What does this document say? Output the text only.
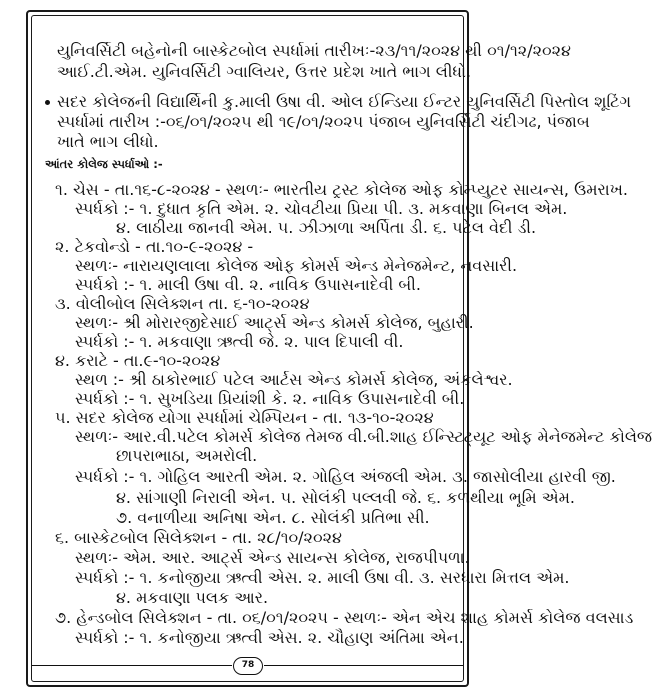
યુનિવર્સિટી બહેનોની બાસ્કેટબોલ સ્પર્ધામાં તારીખઃ-૨૩/૧૧/૨૦૨૪ થી ૦૧/૧૨/૨૦૨૪
આઈ.ટી.એમ. યુનિવર્સિટી ગ્વાલિયર, ઉત્તર પ્રદેશ ખાતે ભાગ લીધો.
સદર કોલેજની વિદ્યાર્થિની કુ.માલી ઉષા વી. ઓલ ઈન્ડિયા ઈન્ટર યુનિવર્સિટી પિસ્તોલ શૂટિંગ
સ્પર્ધામાં તારીખ :-૦૬/૦૧/૨૦૨૫ થી ૧૯/૦૧/૨૦૨૫ પંજાબ યુનિવર્સિટી ચંદીગઢ, પંજાબ
ખાતે ભાગ લીધો.
આંતર કોલેજ સ્પર્ધાઓ :-
૧. ચેસ - તા.૧૬-૮-૨૦૨૪ - સ્થળઃ- ભારતીય ટ્રસ્ટ કોલેજ ઓફ કોમ્પ્યુટર સાયન્સ, ઉમરાખ.
સ્પર્ધકો :- ૧. દુધાત કૃતિ એમ. ૨. ચોવટીયા પ્રિયા પી. ૩. મકવાણા બિનલ એમ.
૪. લાઠીયા જાનવી એમ. ૫. ઝીઝાળા અર્પિતા ડી. ૬. પટેલ વેદી ડી.
૨. ટેકવોન્ડો - તા.૧૦-૯-૨૦૨૪ -
સ્થળઃ- નારાયણલાલા કોલેજ ઓફ કોમર્સ એન્ડ મેનેજમેન્ટ, નવસારી.
સ્પર્ધકો :- ૧. માલી ઉષા વી. ૨. નાવિક ઉપાસનાદેવી બી.
૩. વોલીબોલ સિલેક્શન તા. ૬-૧૦-૨૦૨૪
સ્થળઃ- શ્રી મોરારજીદેસાઈ આર્ટ્સ એન્ડ કોમર્સ કોલેજ, બુહારી.
સ્પર્ધકો :- ૧. મકવાણા ઋત્વી જે. ૨. પાલ દિપાલી વી.
૪. કરાટે - તા.૯-૧૦-૨૦૨૪
સ્થળ :- શ્રી ઠાકોરભાઈ પટેલ આર્ટસ એન્ડ કોમર્સ કોલેજ, અંકલેશ્વર.
સ્પર્ધકો :- ૧. સુખડિયા પ્રિયાંશી કે. ૨. નાવિક ઉપાસનાદેવી બી.
૫. સદર કોલેજ યોગા સ્પર્ધામાં ચેમ્પિયન - તા. ૧૩-૧૦-૨૦૨૪
સ્થળઃ- આર.વી.પટેલ કોમર્સ કોલેજ તેમજ વી.બી.શાહ ઈન્સ્ટિટ્યૂટ ઓફ મેનેજમેન્ટ કોલેજ
છાપરાભાઠા, અમરોલી.
સ્પર્ધકો :- ૧. ગોહિલ આરતી એમ. ૨. ગોહિલ અંજલી એમ. ૩. જાસોલીયા હારવી જી.
૪. સાંગાણી નિરાલી એન. ૫. સોલંકી પલ્લવી જે. ૬. કળથીયા ભૂમિ એમ.
૭. વનાળીયા અનિષા એન. ૮. સોલંકી પ્રતિભા સી.
૬. બાસ્કેટબોલ સિલેક્શન - તા. ૨૮/૧૦/૨૦૨૪
સ્થળઃ- એમ. આર. આર્ટ્સ એન્ડ સાયન્સ કોલેજ, રાજપીપળા.
સ્પર્ધકો :- ૧. કનોજીયા ઋત્વી એસ. ૨. માલી ઉષા વી. ૩. સરધારા મિત્તલ એમ.
૪. મકવાણા પલક આર.
૭. હેન્ડબોલ સિલેક્શન - તા. ૦૬/૦૧/૨૦૨૫ - સ્થળઃ- એન એચ શાહ કોમર્સ કોલેજ વલસાડ
સ્પર્ધકો :- ૧. કનોજીયા ઋત્વી એસ. ૨. ચૌહાણ અંતિમા એન.
78
